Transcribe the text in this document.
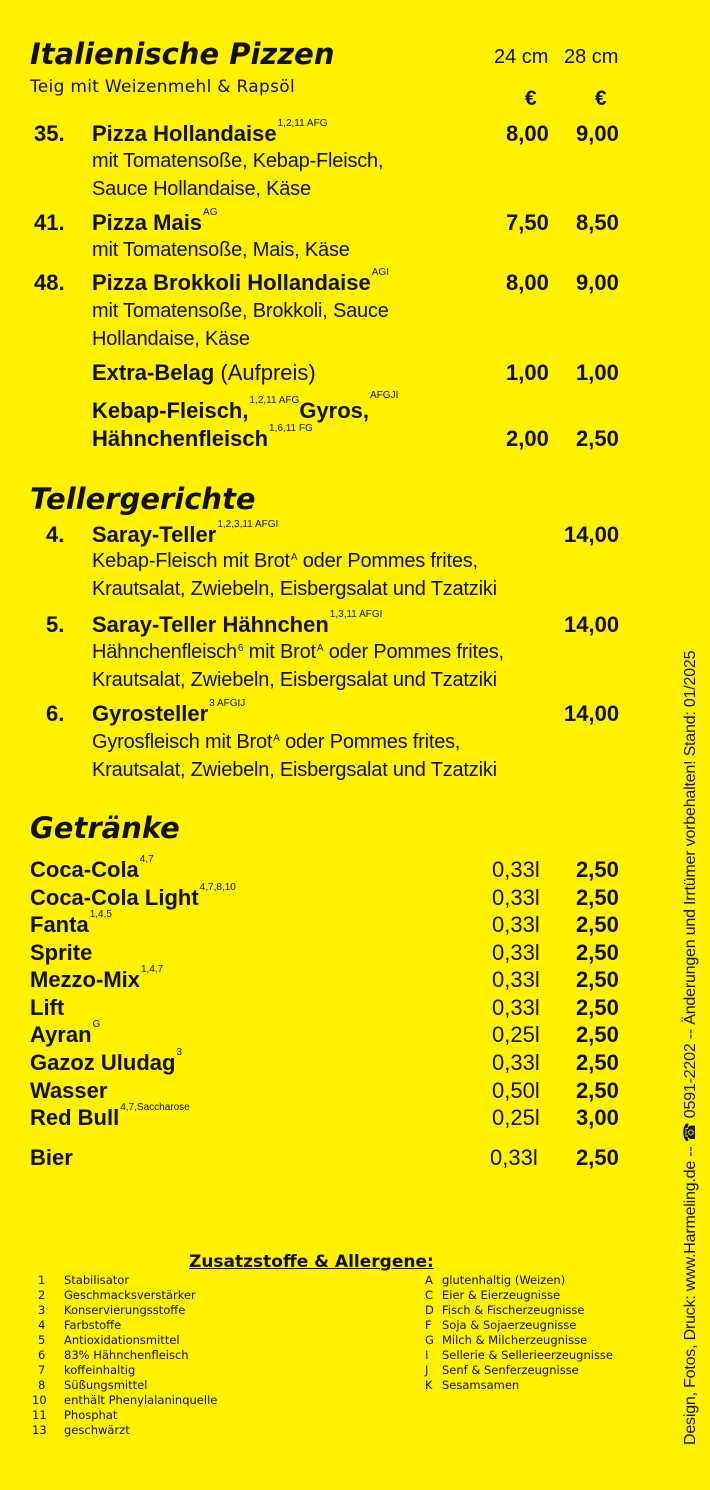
Italienische Pizzen
Teig mit Weizenmehl & Rapsöl
24 cm 28 cm
€	€
35. Pizza Hollandaise$^{1,2,11 AFG}$
mit Tomatensoße, Kebap-Fleisch,
Sauce Hollandaise, Käse
8,00 9,00
41. Pizza Mais$^{AG}$
mit Tomatensoße, Mais, Käse
7,50 8,50
48. Pizza Brokkoli Hollandaise$^{AGI}$
mit Tomatensoße, Brokkoli, Sauce
Hollandaise, Käse
8,00 9,00
Extra-Belag (Aufpreis)	1,00 1,00
Kebap-Fleisch,$^{1,2,11 AFG}$Gyros,$^{AFGJI}$
Hähnchenfleisch$^{1,6,11 FG}$	2,00 2,50
Tellergerichte
4. Saray-Teller$^{1,2,3,11 AFGI}$
Kebap-Fleisch mit Brot$^A$ oder Pommes frites,
Krautsalat, Zwiebeln, Eisbergsalat und Tzatziki
14,00
5. Saray-Teller Hähnchen$^{1,3,11 AFGI}$
Hähnchenfleisch$^6$ mit Brot$^A$ oder Pommes frites,
Krautsalat, Zwiebeln, Eisbergsalat und Tzatziki
14,00
6. Gyrosteller$^{3 AFGIJ}$
Gyrosfleisch mit Brot$^A$ oder Pommes frites,
Krautsalat, Zwiebeln, Eisbergsalat und Tzatziki
14,00
Getränke
Coca-Cola$^{4,7}$	0,33l 2,50
Coca-Cola Light$^{4,7,8,10}$	0,33l 2,50
Fanta$^{1,4,5}$	0,33l 2,50
Sprite	0,33l 2,50
Mezzo-Mix$^{1,4,7}$	0,33l 2,50
Lift	0,33l 2,50
Ayran$^G$	0,25l 2,50
Gazoz Uludag$^3$	0,33l 2,50
Wasser	0,50l 2,50
Red Bull$^{4,7,Saccharose}$	0,25l 3,00
Bier	0,33l 2,50
Zusatzstoffe & Allergene:
1 Stabilisator
2 Geschmacksverstärker
3 Konservierungsstoffe
4 Farbstoffe
5 Antioxidationsmittel
6 83% Hähnchenfleisch
7 koffeinhaltig
8 Süßungsmittel
10 enthält Phenylalaninquelle
11 Phosphat
13 geschwärzt
A glutenhaltig (Weizen)
C Eier & Eierzeugnisse
D Fisch & Fischerzeugnisse
F Soja & Sojaerzeugnisse
G Milch & Milcherzeugnisse
I Sellerie & Sellerieerzeugnisse
J Senf & Senferzeugnisse
K Sesamsamen	Design, Fotos, Druck: www.Harmeling.de -- ☎ 0591-2202 -- Änderungen und Irrtümer vorbehalten! Stand: 01/2025
